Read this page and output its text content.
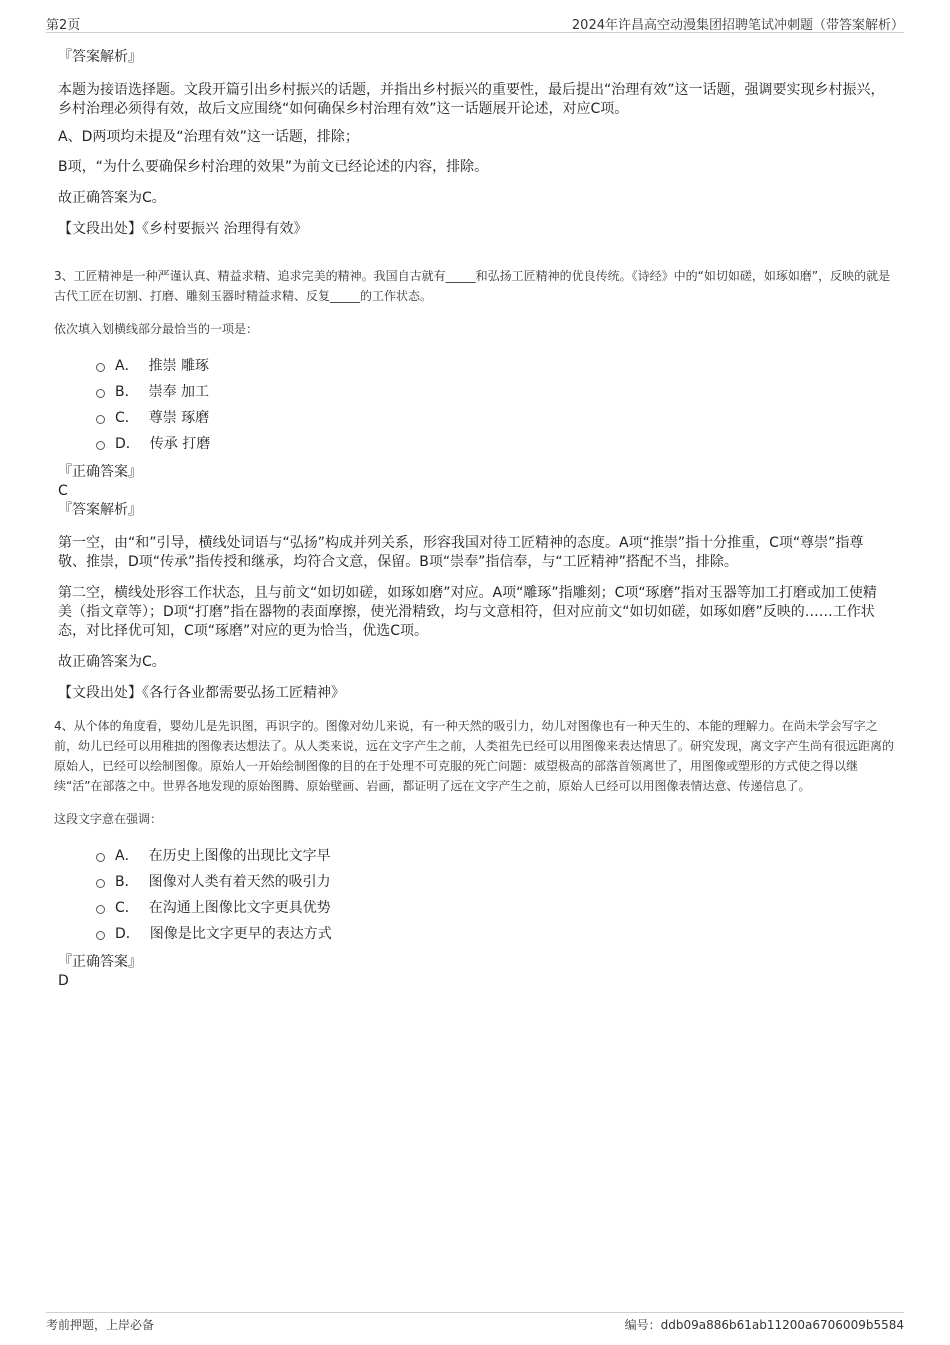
第2页	2024年许昌高空动漫集团招聘笔试冲刺题（带答案解析）
『答案解析』

本题为接语选择题。文段开篇引出乡村振兴的话题，并指出乡村振兴的重要性，最后提出“治理有效”这一话题，强调要实现乡村振兴，乡村治理必须得有效，故后文应围绕“如何确保乡村治理有效”这一话题展开论述，对应C项。

A、D两项均未提及“治理有效”这一话题，排除；

B项，“为什么要确保乡村治理的效果”为前文已经论述的内容，排除。

故正确答案为C。

【文段出处】《乡村要振兴 治理得有效》

3、工匠精神是一种严谨认真、精益求精、追求完美的精神。我国自古就有_____和弘扬工匠精神的优良传统。《诗经》中的“如切如磋，如琢如磨”，反映的就是古代工匠在切割、打磨、雕刻玉器时精益求精、反复_____的工作状态。

依次填入划横线部分最恰当的一项是：

A． 推崇 雕琢
B． 崇奉 加工
C． 尊崇 琢磨
D． 传承 打磨
『正确答案』
C
『答案解析』

第一空，由“和”引导，横线处词语与“弘扬”构成并列关系，形容我国对待工匠精神的态度。A项“推崇”指十分推重，C项“尊崇”指尊敬、推崇，D项“传承”指传授和继承，均符合文意，保留。B项“崇奉”指信奉，与“工匠精神”搭配不当，排除。

第二空，横线处形容工作状态，且与前文“如切如磋，如琢如磨”对应。A项“雕琢”指雕刻；C项“琢磨”指对玉器等加工打磨或加工使精美（指文章等）；D项“打磨”指在器物的表面摩擦，使光滑精致，均与文意相符，但对应前文“如切如磋，如琢如磨”反映的……工作状态，对比择优可知，C项“琢磨”对应的更为恰当，优选C项。

故正确答案为C。

【文段出处】《各行各业都需要弘扬工匠精神》

4、从个体的角度看，婴幼儿是先识图，再识字的。图像对幼儿来说，有一种天然的吸引力，幼儿对图像也有一种天生的、本能的理解力。在尚未学会写字之前，幼儿已经可以用稚拙的图像表达想法了。从人类来说，远在文字产生之前，人类祖先已经可以用图像来表达情思了。研究发现，离文字产生尚有很远距离的原始人，已经可以绘制图像。原始人一开始绘制图像的目的在于处理不可克服的死亡问题：威望极高的部落首领离世了，用图像或塑形的方式使之得以继续“活”在部落之中。世界各地发现的原始图腾、原始壁画、岩画，都证明了远在文字产生之前，原始人已经可以用图像表情达意、传递信息了。

这段文字意在强调：

A． 在历史上图像的出现比文字早
B． 图像对人类有着天然的吸引力
C． 在沟通上图像比文字更具优势
D． 图像是比文字更早的表达方式
『正确答案』
D
考前押题，上岸必备	编号：ddb09a886b61ab11200a6706009b5584
